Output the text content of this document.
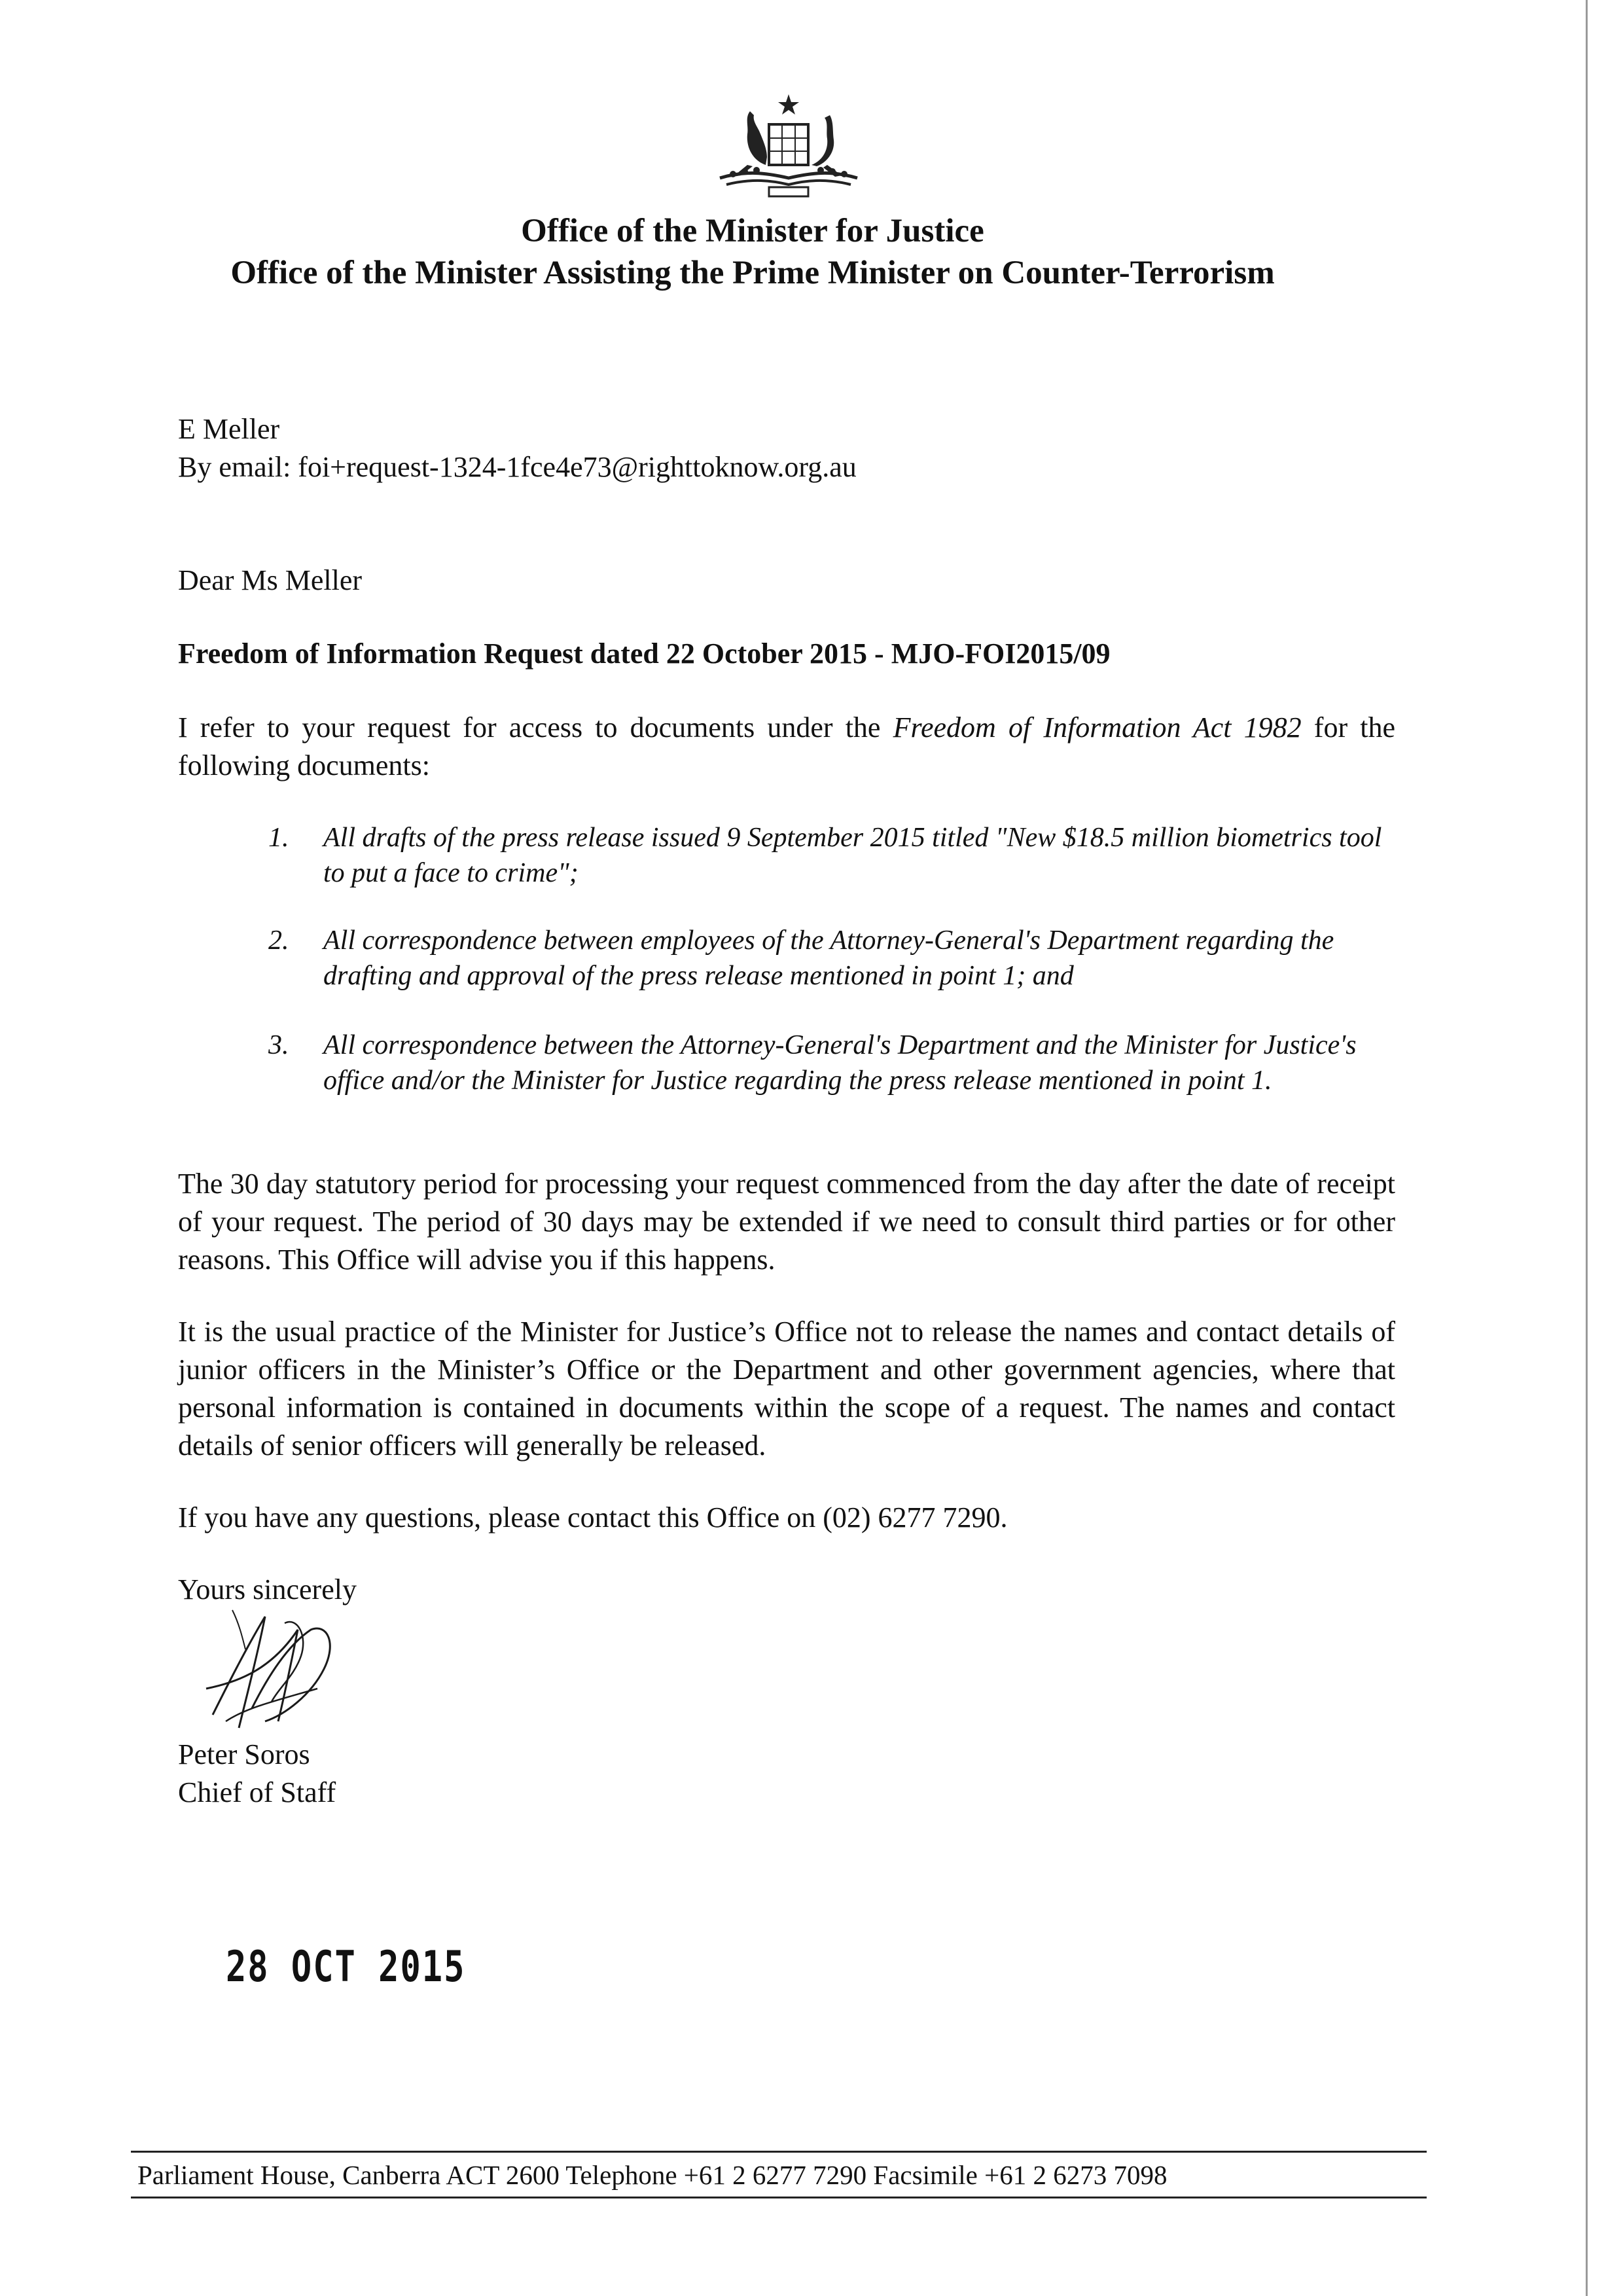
Office of the Minister for Justice
Office of the Minister Assisting the Prime Minister on Counter-Terrorism
E Meller
By email: foi+request-1324-1fce4e73@righttoknow.org.au
Dear Ms Meller
Freedom of Information Request dated 22 October 2015 - MJO-FOI2015/09
I refer to your request for access to documents under the Freedom of Information Act 1982 for the following documents:
1.	All drafts of the press release issued 9 September 2015 titled "New $18.5 million biometrics tool to put a face to crime";
2.	All correspondence between employees of the Attorney-General's Department regarding the drafting and approval of the press release mentioned in point 1; and
3.	All correspondence between the Attorney-General's Department and the Minister for Justice's office and/or the Minister for Justice regarding the press release mentioned in point 1.
The 30 day statutory period for processing your request commenced from the day after the date of receipt of your request. The period of 30 days may be extended if we need to consult third parties or for other reasons. This Office will advise you if this happens.
It is the usual practice of the Minister for Justice’s Office not to release the names and contact details of junior officers in the Minister’s Office or the Department and other government agencies, where that personal information is contained in documents within the scope of a request. The names and contact details of senior officers will generally be released.
If you have any questions, please contact this Office on (02) 6277 7290.
Yours sincerely
Peter Soros
Chief of Staff
28 OCT 2015
Parliament House, Canberra ACT 2600 Telephone +61 2 6277 7290 Facsimile +61 2 6273 7098
